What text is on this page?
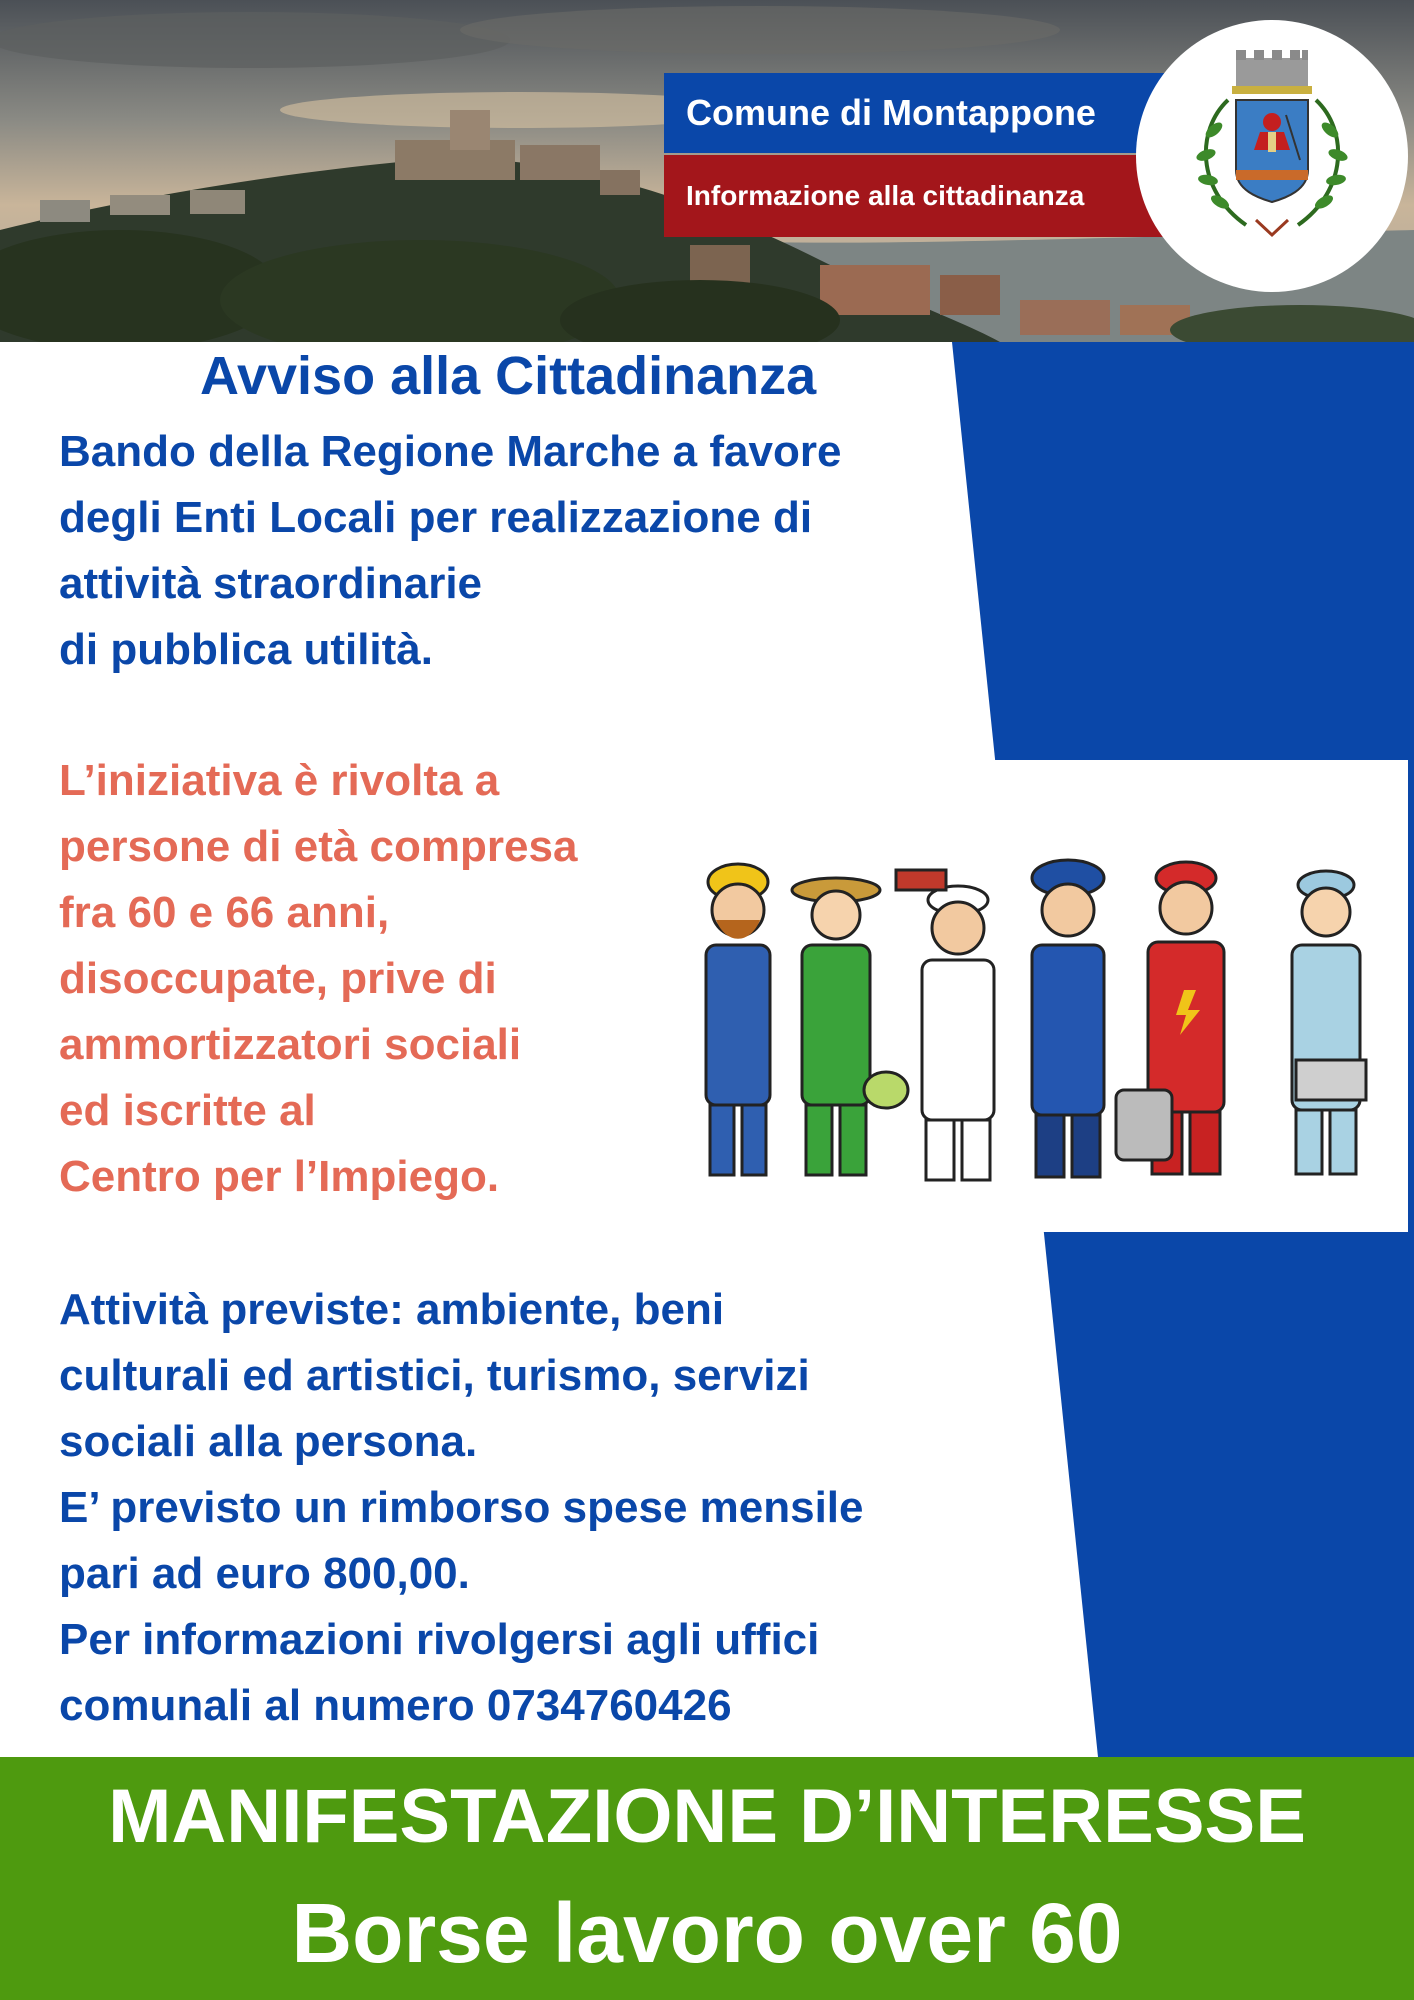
Comune di Montappone
Informazione alla cittadinanza
Avviso alla Cittadinanza
Bando della Regione Marche a favore
degli Enti Locali per realizzazione di
attività straordinarie
di pubblica utilità.
L’iniziativa è rivolta a
persone di età compresa
fra 60 e 66 anni,
disoccupate, prive di
ammortizzatori sociali
ed iscritte al
Centro per l’Impiego.
Attività previste: ambiente, beni
culturali ed artistici, turismo, servizi
sociali alla persona.
E’ previsto un rimborso spese mensile
pari ad euro 800,00.
Per informazioni rivolgersi agli uffici
comunali al numero 0734760426
MANIFESTAZIONE D’INTERESSE
Borse lavoro over 60
